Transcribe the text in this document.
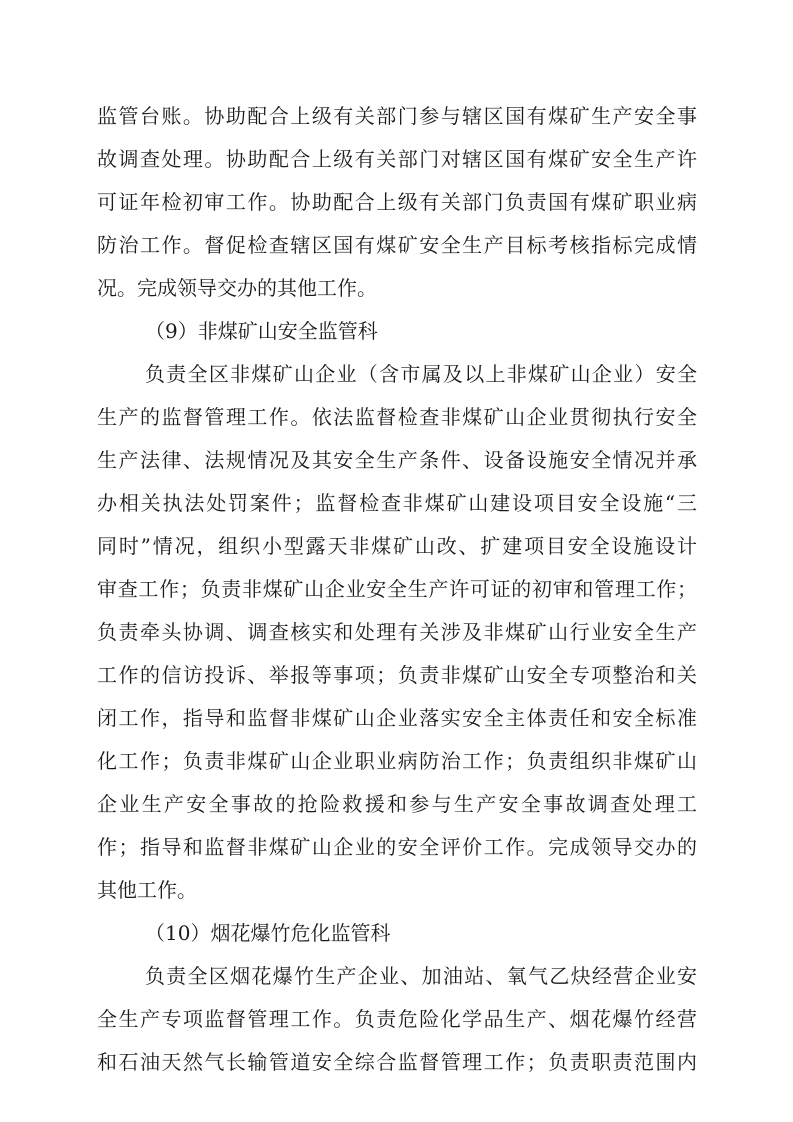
监管台账。协助配合上级有关部门参与辖区国有煤矿生产安全事
故调查处理。协助配合上级有关部门对辖区国有煤矿安全生产许
可证年检初审工作。协助配合上级有关部门负责国有煤矿职业病
防治工作。督促检查辖区国有煤矿安全生产目标考核指标完成情
况。完成领导交办的其他工作。
（9）非煤矿山安全监管科
负责全区非煤矿山企业（含市属及以上非煤矿山企业）安全
生产的监督管理工作。依法监督检查非煤矿山企业贯彻执行安全
生产法律、法规情况及其安全生产条件、设备设施安全情况并承
办相关执法处罚案件；监督检查非煤矿山建设项目安全设施“三
同时”情况，组织小型露天非煤矿山改、扩建项目安全设施设计
审查工作；负责非煤矿山企业安全生产许可证的初审和管理工作；
负责牵头协调、调查核实和处理有关涉及非煤矿山行业安全生产
工作的信访投诉、举报等事项；负责非煤矿山安全专项整治和关
闭工作，指导和监督非煤矿山企业落实安全主体责任和安全标准
化工作；负责非煤矿山企业职业病防治工作；负责组织非煤矿山
企业生产安全事故的抢险救援和参与生产安全事故调查处理工
作；指导和监督非煤矿山企业的安全评价工作。完成领导交办的
其他工作。
（10）烟花爆竹危化监管科
负责全区烟花爆竹生产企业、加油站、氧气乙炔经营企业安
全生产专项监督管理工作。负责危险化学品生产、烟花爆竹经营
和石油天然气长输管道安全综合监督管理工作；负责职责范围内
